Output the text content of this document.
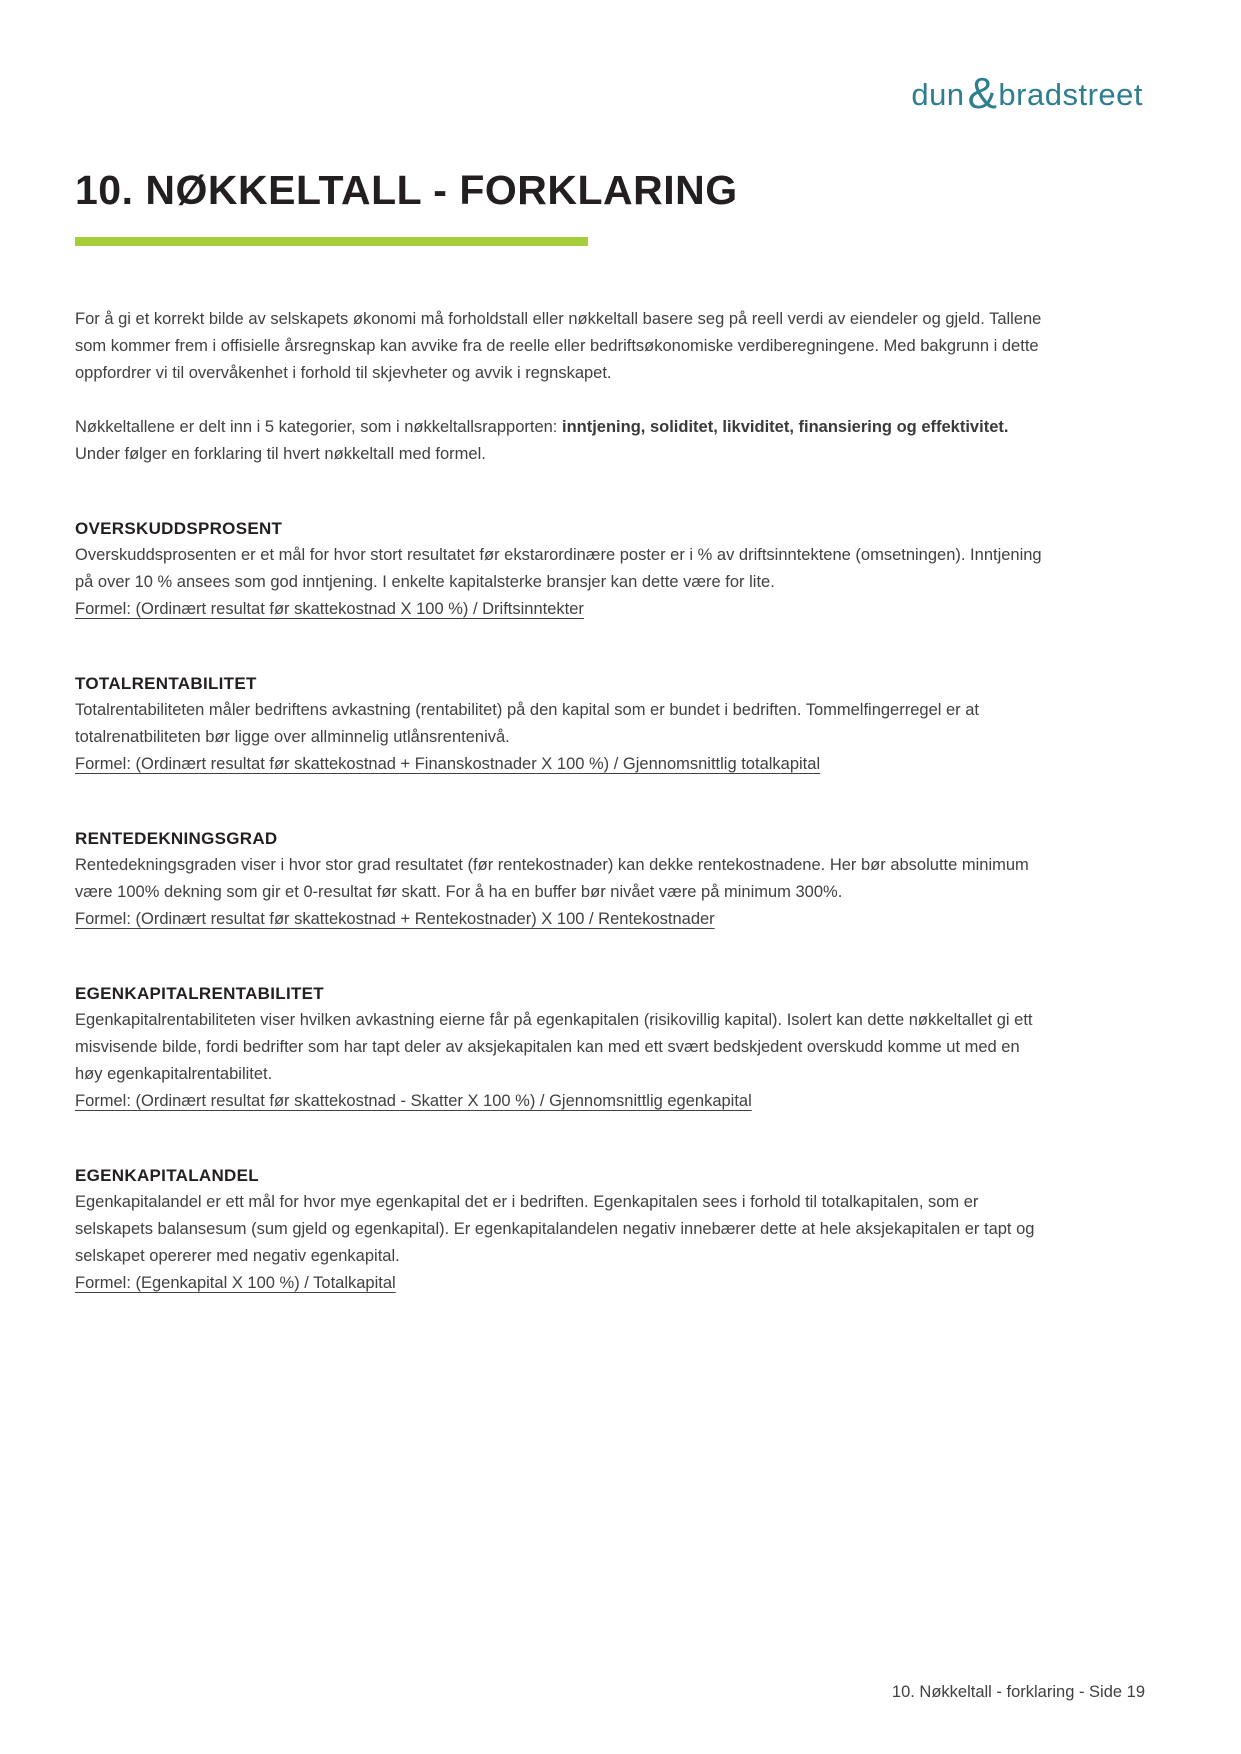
dun & bradstreet
10. NØKKELTALL - FORKLARING

For å gi et korrekt bilde av selskapets økonomi må forholdstall eller nøkkeltall basere seg på reell verdi av eiendeler og gjeld. Tallene som kommer frem i offisielle årsregnskap kan avvike fra de reelle eller bedriftsøkonomiske verdiberegningene. Med bakgrunn i dette oppfordrer vi til overvåkenhet i forhold til skjevheter og avvik i regnskapet.

Nøkkeltallene er delt inn i 5 kategorier, som i nøkkeltallsrapporten: inntjening, soliditet, likviditet, finansiering og effektivitet. Under følger en forklaring til hvert nøkkeltall med formel.

OVERSKUDDSPROSENT

Overskuddsprosenten er et mål for hvor stort resultatet før ekstarordinære poster er i % av driftsinntektene (omsetningen). Inntjening på over 10 % ansees som god inntjening. I enkelte kapitalsterke bransjer kan dette være for lite.

Formel: (Ordinært resultat før skattekostnad X 100 %) / Driftsinntekter

TOTALRENTABILITET

Totalrentabiliteten måler bedriftens avkastning (rentabilitet) på den kapital som er bundet i bedriften. Tommelfingerregel er at totalrenatbiliteten bør ligge over allminnelig utlånsrentenivå.

Formel: (Ordinært resultat før skattekostnad + Finanskostnader X 100 %) / Gjennomsnittlig totalkapital

RENTEDEKNINGSGRAD

Rentedekningsgraden viser i hvor stor grad resultatet (før rentekostnader) kan dekke rentekostnadene. Her bør absolutte minimum være 100% dekning som gir et 0-resultat før skatt. For å ha en buffer bør nivået være på minimum 300%.

Formel: (Ordinært resultat før skattekostnad + Rentekostnader) X 100 / Rentekostnader

EGENKAPITALRENTABILITET

Egenkapitalrentabiliteten viser hvilken avkastning eierne får på egenkapitalen (risikovillig kapital). Isolert kan dette nøkkeltallet gi ett misvisende bilde, fordi bedrifter som har tapt deler av aksjekapitalen kan med ett svært bedskjedent overskudd komme ut med en høy egenkapitalrentabilitet.

Formel: (Ordinært resultat før skattekostnad - Skatter X 100 %) / Gjennomsnittlig egenkapital

EGENKAPITALANDEL

Egenkapitalandel er ett mål for hvor mye egenkapital det er i bedriften. Egenkapitalen sees i forhold til totalkapitalen, som er selskapets balansesum (sum gjeld og egenkapital). Er egenkapitalandelen negativ innebærer dette at hele aksjekapitalen er tapt og selskapet opererer med negativ egenkapital.

Formel: (Egenkapital X 100 %) / Totalkapital

10. Nøkkeltall - forklaring - Side 19
